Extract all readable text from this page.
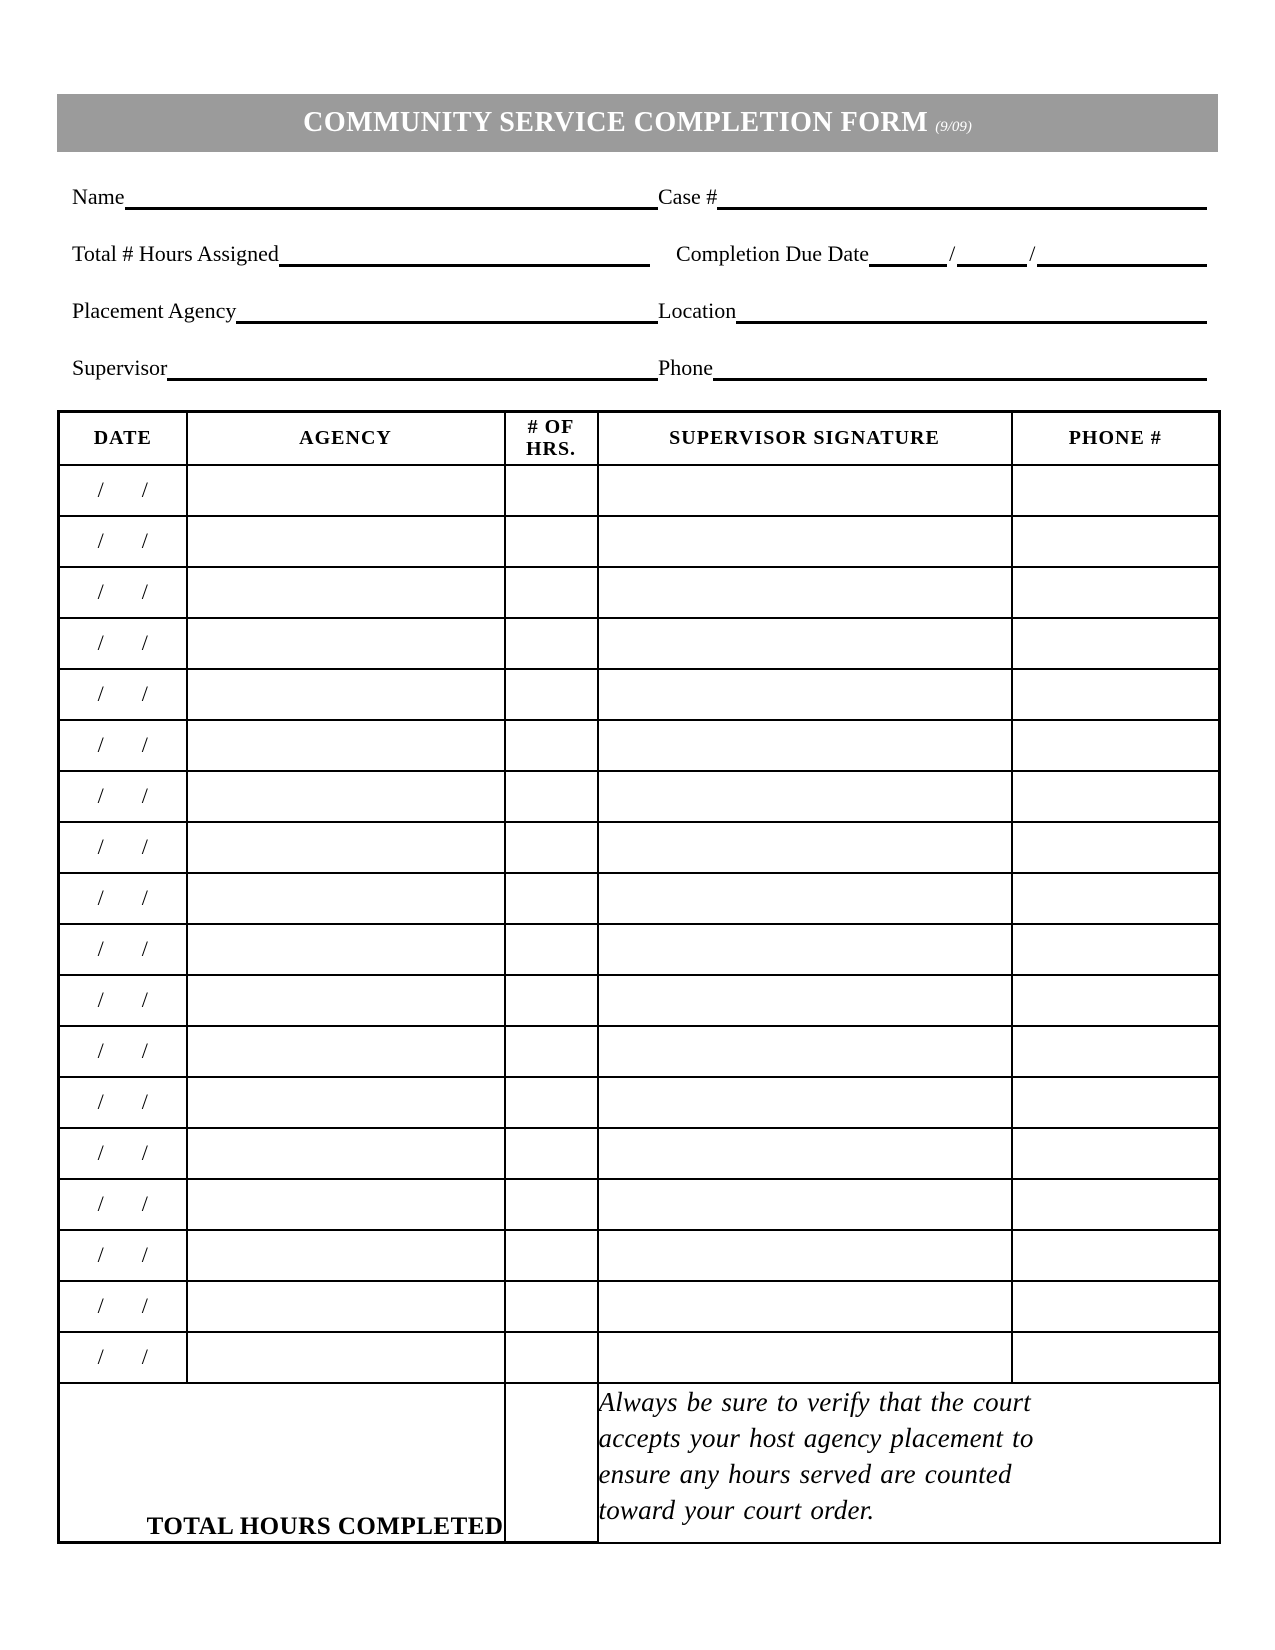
COMMUNITY SERVICE COMPLETION FORM (9/09)
Name	Case #
Total # Hours Assigned	Completion Due Date	/	/
Placement Agency	Location
Supervisor	Phone
DATE	AGENCY	# OF HRS.	SUPERVISOR SIGNATURE	PHONE #
/ /				
/ /				
/ /				
/ /				
/ /				
/ /				
/ /				
/ /				
/ /				
/ /				
/ /				
/ /				
/ /				
/ /				
/ /				
/ /				
/ /				
/ /				
TOTAL HOURS COMPLETED			Always be sure to verify that the court
accepts your host agency placement to
ensure any hours served are counted
toward your court order.	
